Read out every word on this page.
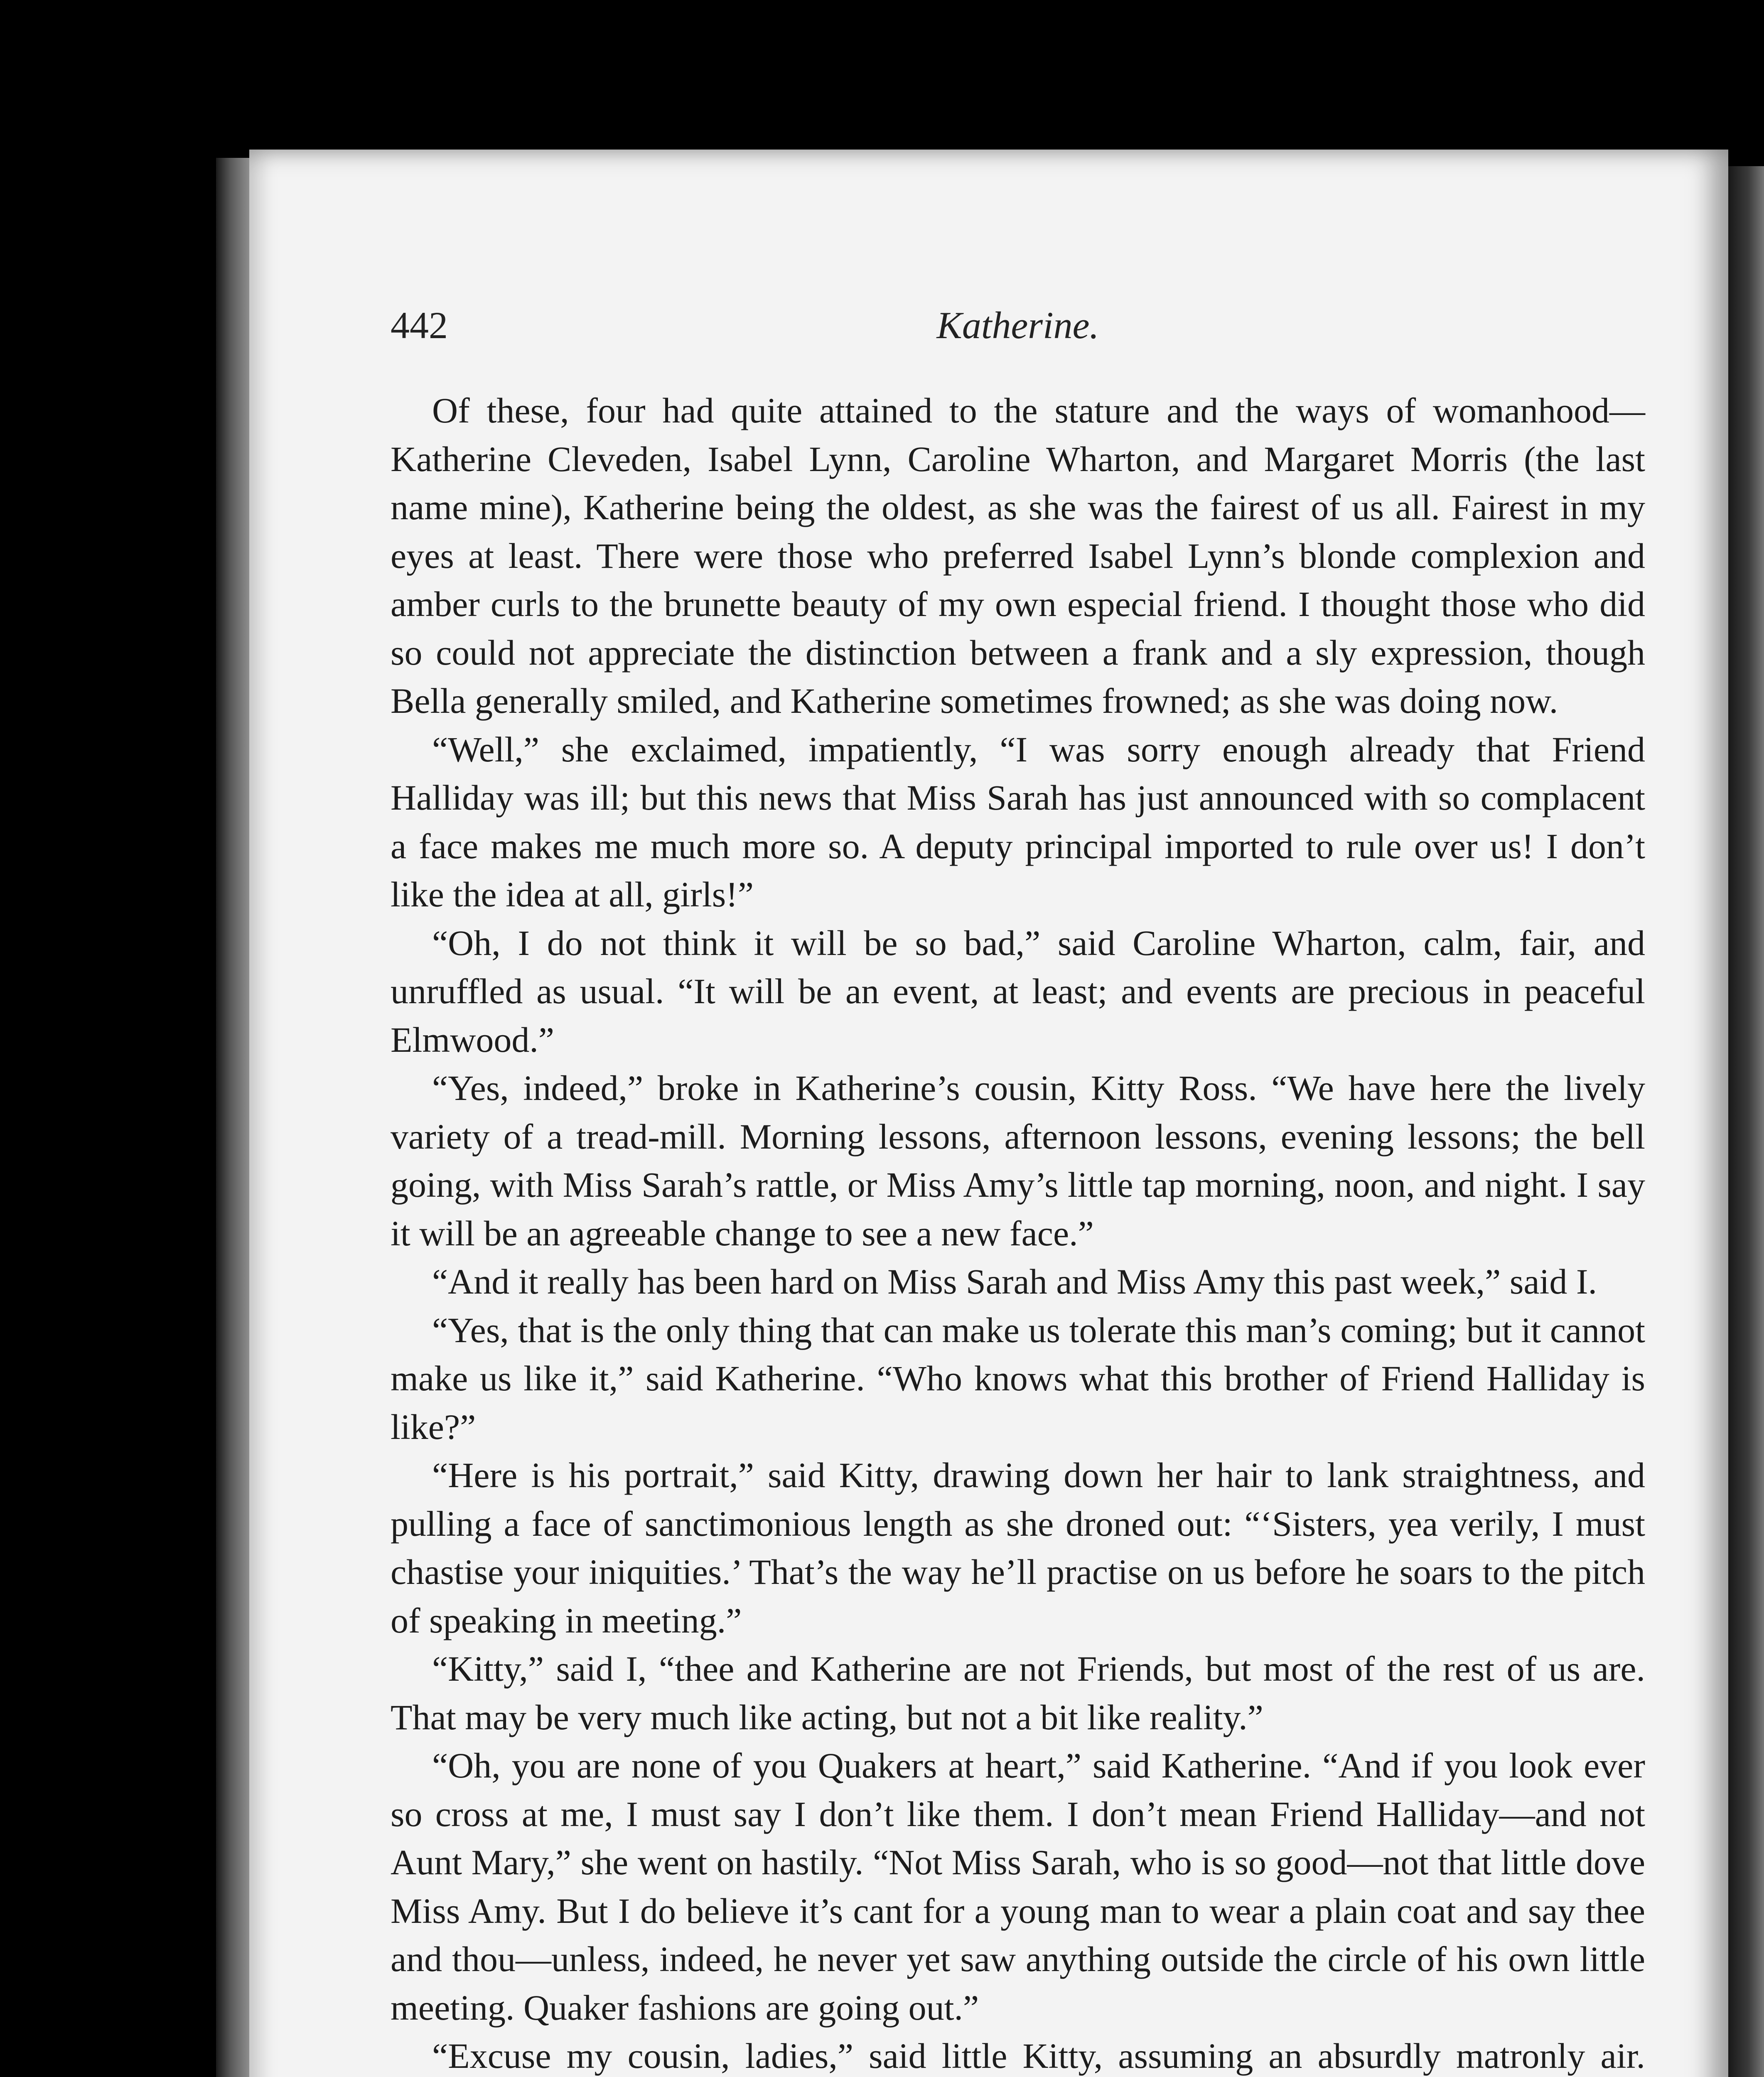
442	Katherine.

Of these, four had quite attained to the stature and the ways of womanhood— Katherine Cleveden, Isabel Lynn, Caroline Wharton, and Margaret Morris (the last name mine), Katherine being the oldest, as she was the fairest of us all. Fairest in my eyes at least. There were those who preferred Isabel Lynn’s blonde complexion and amber curls to the brunette beauty of my own especial friend. I thought those who did so could not appreciate the distinction between a frank and a sly expression, though Bella generally smiled, and Katherine sometimes frowned; as she was doing now.

“Well,” she exclaimed, impatiently, “I was sorry enough already that Friend Halliday was ill; but this news that Miss Sarah has just announced with so complacent a face makes me much more so. A deputy principal imported to rule over us! I don’t like the idea at all, girls!”

“Oh, I do not think it will be so bad,” said Caroline Wharton, calm, fair, and unruffled as usual. “It will be an event, at least; and events are precious in peaceful Elmwood.”

“Yes, indeed,” broke in Katherine’s cousin, Kitty Ross. “We have here the lively variety of a tread-mill. Morning lessons, afternoon lessons, evening lessons; the bell going, with Miss Sarah’s rattle, or Miss Amy’s little tap morning, noon, and night. I say it will be an agreeable change to see a new face.”

“And it really has been hard on Miss Sarah and Miss Amy this past week,” said I.

“Yes, that is the only thing that can make us tolerate this man’s coming; but it cannot make us like it,” said Katherine. “Who knows what this brother of Friend Halliday is like?”

“Here is his portrait,” said Kitty, drawing down her hair to lank straightness, and pulling a face of sanctimonious length as she droned out: “‘Sisters, yea verily, I must chastise your iniquities.’ That’s the way he’ll practise on us before he soars to the pitch of speaking in meeting.”

“Kitty,” said I, “thee and Katherine are not Friends, but most of the rest of us are. That may be very much like acting, but not a bit like reality.”

“Oh, you are none of you Quakers at heart,” said Katherine. “And if you look ever so cross at me, I must say I don’t like them. I don’t mean Friend Halliday—and not Aunt Mary,” she went on hastily. “Not Miss Sarah, who is so good—not that little dove Miss Amy. But I do believe it’s cant for a young man to wear a plain coat and say thee and thou—unless, indeed, he never yet saw anything outside the circle of his own little meeting. Quaker fashions are going out.”

“Excuse my cousin, ladies,” said little Kitty, assuming an absurdly matronly air.
